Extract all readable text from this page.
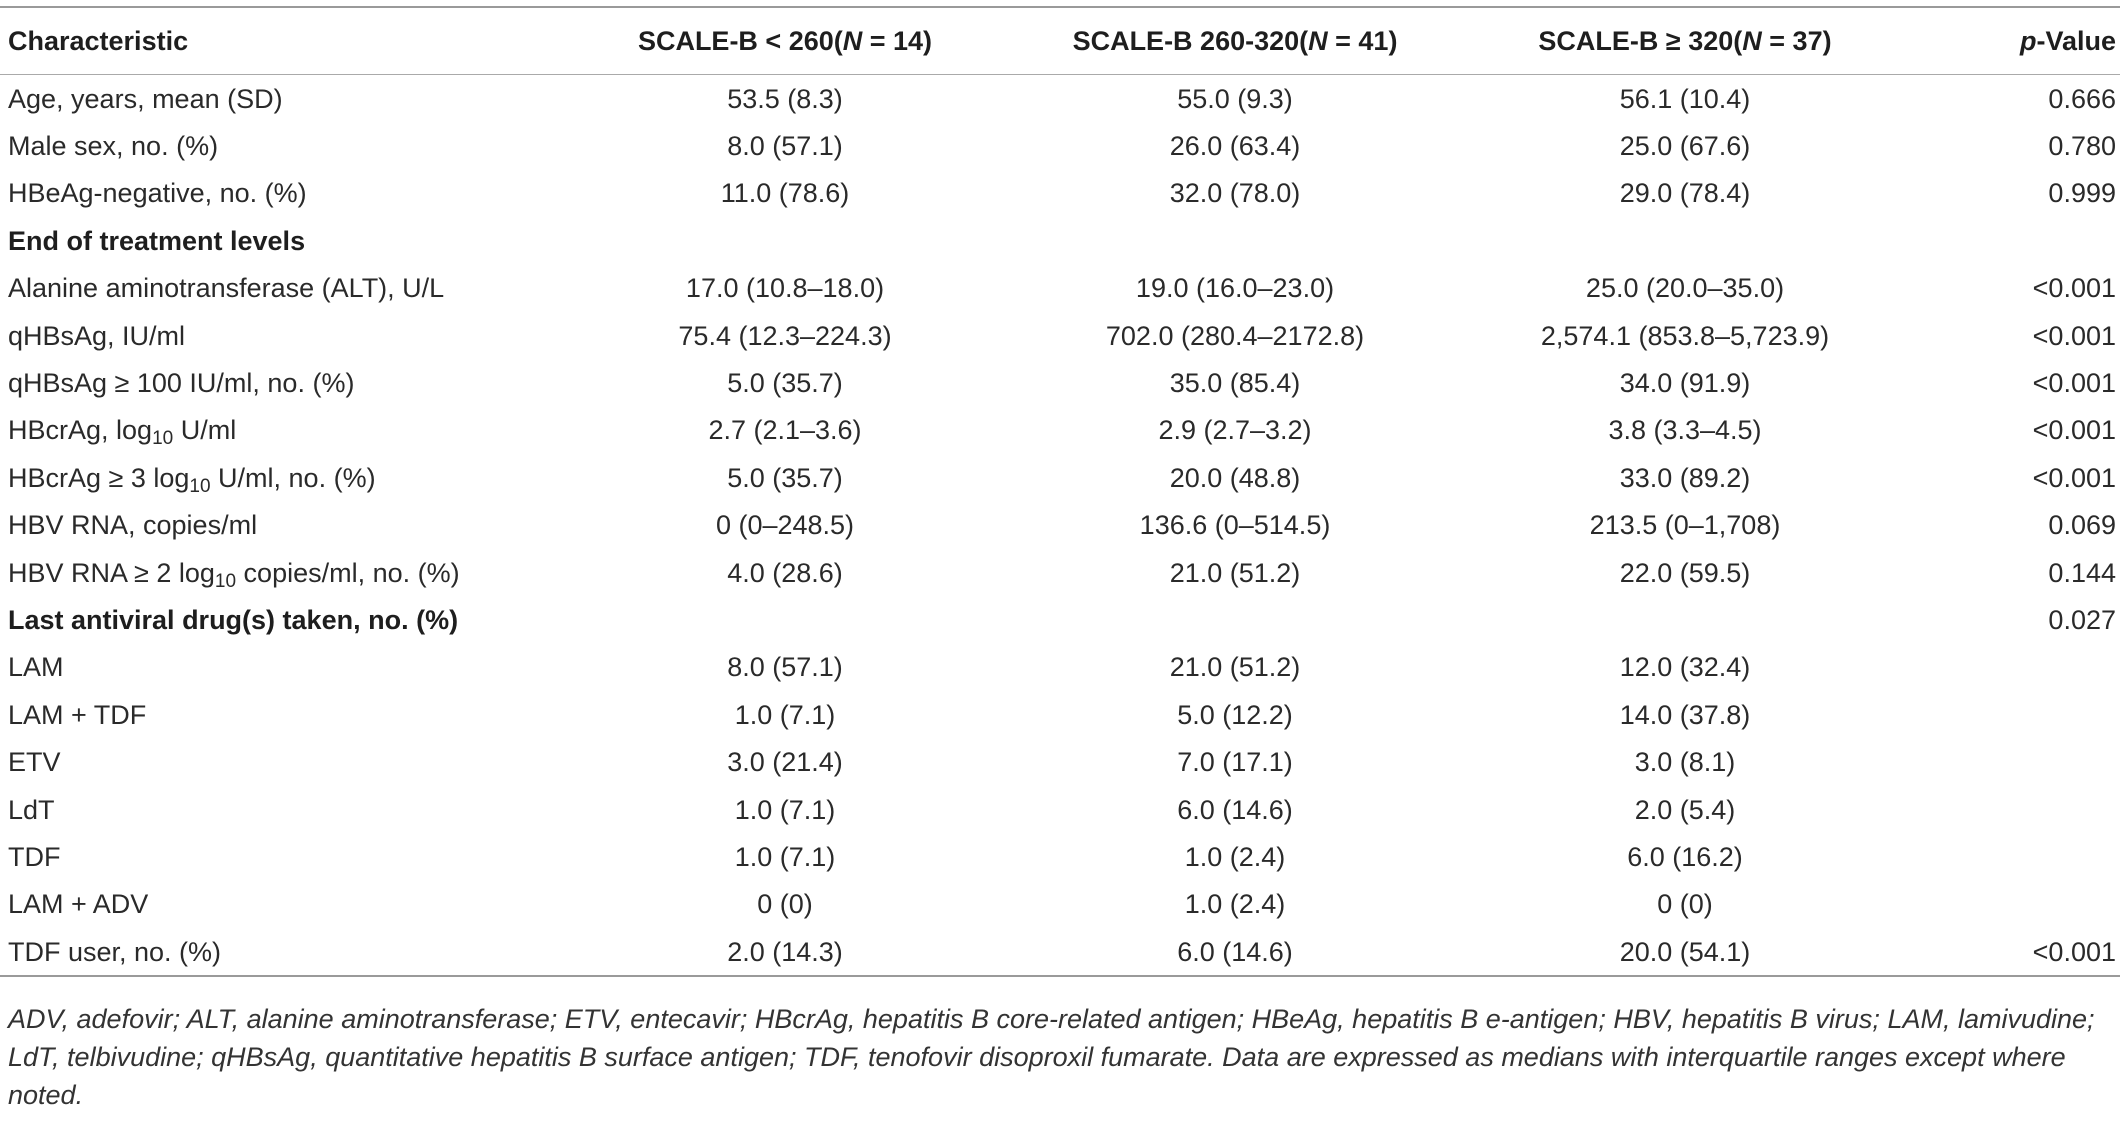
Characteristic	SCALE-B < 260(N = 14)	SCALE-B 260-320(N = 41)	SCALE-B ≥ 320(N = 37)	p-Value
Age, years, mean (SD)	53.5 (8.3)	55.0 (9.3)	56.1 (10.4)	0.666
Male sex, no. (%)	8.0 (57.1)	26.0 (63.4)	25.0 (67.6)	0.780
HBeAg-negative, no. (%)	11.0 (78.6)	32.0 (78.0)	29.0 (78.4)	0.999
End of treatment levels				
Alanine aminotransferase (ALT), U/L	17.0 (10.8–18.0)	19.0 (16.0–23.0)	25.0 (20.0–35.0)	<0.001
qHBsAg, IU/ml	75.4 (12.3–224.3)	702.0 (280.4–2172.8)	2,574.1 (853.8–5,723.9)	<0.001
qHBsAg ≥ 100 IU/ml, no. (%)	5.0 (35.7)	35.0 (85.4)	34.0 (91.9)	<0.001
HBcrAg, $\log_{10} U/ml$	2.7 (2.1–3.6)	2.9 (2.7–3.2)	3.8 (3.3–4.5)	<0.001
HBcrAg ≥ 3 $\log_{10} U/ml$, no. (%)	5.0 (35.7)	20.0 (48.8)	33.0 (89.2)	<0.001
HBV RNA, copies/ml	0 (0–248.5)	136.6 (0–514.5)	213.5 (0–1,708)	0.069
HBV RNA ≥ 2 $\log_{10}$ copies/ml, no. (%)	4.0 (28.6)	21.0 (51.2)	22.0 (59.5)	0.144
Last antiviral drug(s) taken, no. (%)				0.027
LAM	8.0 (57.1)	21.0 (51.2)	12.0 (32.4)	
LAM + TDF	1.0 (7.1)	5.0 (12.2)	14.0 (37.8)	
ETV	3.0 (21.4)	7.0 (17.1)	3.0 (8.1)	
LdT	1.0 (7.1)	6.0 (14.6)	2.0 (5.4)	
TDF	1.0 (7.1)	1.0 (2.4)	6.0 (16.2)	
LAM + ADV	0 (0)	1.0 (2.4)	0 (0)	
TDF user, no. (%)	2.0 (14.3)	6.0 (14.6)	20.0 (54.1)	<0.001
ADV, adefovir; ALT, alanine aminotransferase; ETV, entecavir; HBcrAg, hepatitis B core-related antigen; HBeAg, hepatitis B e-antigen; HBV, hepatitis B virus; LAM, lamivudine; LdT, telbivudine; qHBsAg, quantitative hepatitis B surface antigen; TDF, tenofovir disoproxil fumarate. Data are expressed as medians with interquartile ranges except where noted.
